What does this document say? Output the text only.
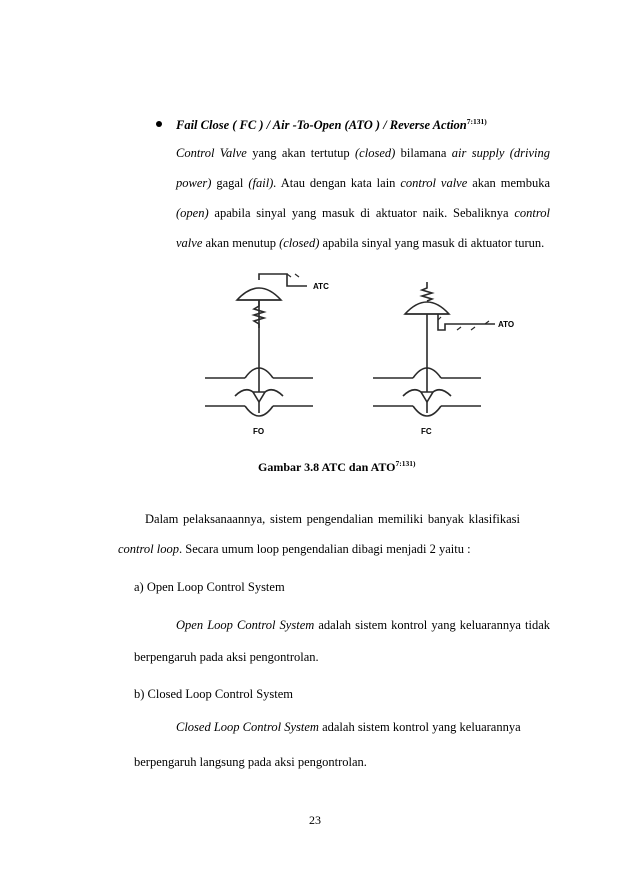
Fail Close ( FC ) / Air -To-Open (ATO ) / Reverse Action$^{7:131)}$
Control Valve yang akan tertutup (closed) bilamana air supply (driving
power) gagal (fail). Atau dengan kata lain control valve akan membuka
(open) apabila sinyal yang masuk di aktuator naik. Sebaliknya control
valve akan menutup (closed) apabila sinyal yang masuk di aktuator turun.
ATC
ATO
FO	FC
Gambar 3.8 ATC dan $ATO^{7:131)}$
Dalam pelaksanaannya, sistem pengendalian memiliki banyak klasifikasi
control loop. Secara umum loop pengendalian dibagi menjadi 2 yaitu :
a) Open Loop Control System
Open Loop Control System adalah sistem kontrol yang keluarannya tidak
berpengaruh pada aksi pengontrolan.
b) Closed Loop Control System
Closed Loop Control System adalah sistem kontrol yang keluarannya
berpengaruh langsung pada aksi pengontrolan.
23
